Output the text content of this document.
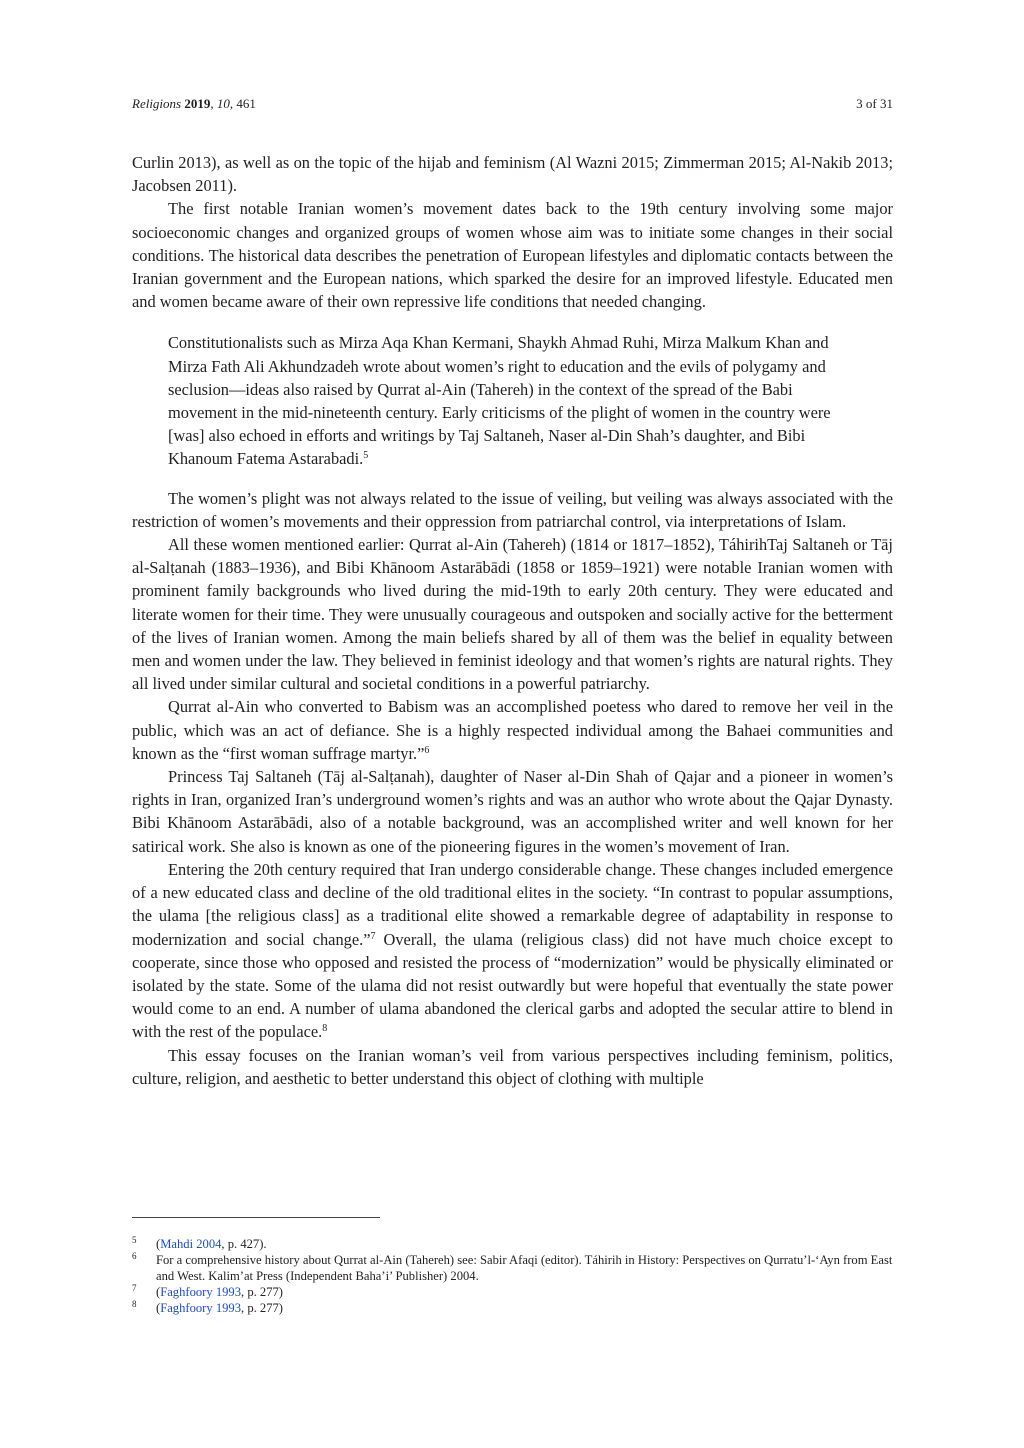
Religions 2019, 10, 461	3 of 31

Curlin 2013), as well as on the topic of the hijab and feminism (Al Wazni 2015; Zimmerman 2015; Al-Nakib 2013; Jacobsen 2011).

The first notable Iranian women’s movement dates back to the 19th century involving some major socioeconomic changes and organized groups of women whose aim was to initiate some changes in their social conditions. The historical data describes the penetration of European lifestyles and diplomatic contacts between the Iranian government and the European nations, which sparked the desire for an improved lifestyle. Educated men and women became aware of their own repressive life conditions that needed changing.

Constitutionalists such as Mirza Aqa Khan Kermani, Shaykh Ahmad Ruhi, Mirza Malkum Khan and Mirza Fath Ali Akhundzadeh wrote about women’s right to education and the evils of polygamy and seclusion—ideas also raised by Qurrat al-Ain (Tahereh) in the context of the spread of the Babi movement in the mid-nineteenth century. Early criticisms of the plight of women in the country were [was] also echoed in efforts and writings by Taj Saltaneh, Naser al-Din Shah’s daughter, and Bibi Khanoum Fatema Astarabadi.$^5$

The women’s plight was not always related to the issue of veiling, but veiling was always associated with the restriction of women’s movements and their oppression from patriarchal control, via interpretations of Islam.

All these women mentioned earlier: Qurrat al-Ain (Tahereh) (1814 or 1817–1852), TáhirihTaj Saltaneh or Tāj al-Salṭanah (1883–1936), and Bibi Khānoom Astarābādi (1858 or 1859–1921) were notable Iranian women with prominent family backgrounds who lived during the mid-19th to early 20th century. They were educated and literate women for their time. They were unusually courageous and outspoken and socially active for the betterment of the lives of Iranian women. Among the main beliefs shared by all of them was the belief in equality between men and women under the law. They believed in feminist ideology and that women’s rights are natural rights. They all lived under similar cultural and societal conditions in a powerful patriarchy.

Qurrat al-Ain who converted to Babism was an accomplished poetess who dared to remove her veil in the public, which was an act of defiance. She is a highly respected individual among the Bahaei communities and known as the “first woman suffrage martyr.”$^6$

Princess Taj Saltaneh (Tāj al-Salṭanah), daughter of Naser al-Din Shah of Qajar and a pioneer in women’s rights in Iran, organized Iran’s underground women’s rights and was an author who wrote about the Qajar Dynasty. Bibi Khānoom Astarābādi, also of a notable background, was an accomplished writer and well known for her satirical work. She also is known as one of the pioneering figures in the women’s movement of Iran.

Entering the 20th century required that Iran undergo considerable change. These changes included emergence of a new educated class and decline of the old traditional elites in the society. “In contrast to popular assumptions, the ulama [the religious class] as a traditional elite showed a remarkable degree of adaptability in response to modernization and social change.”$^7$ Overall, the ulama (religious class) did not have much choice except to cooperate, since those who opposed and resisted the process of “modernization” would be physically eliminated or isolated by the state. Some of the ulama did not resist outwardly but were hopeful that eventually the state power would come to an end. A number of ulama abandoned the clerical garbs and adopted the secular attire to blend in with the rest of the populace.$^8$

This essay focuses on the Iranian woman’s veil from various perspectives including feminism, politics, culture, religion, and aesthetic to better understand this object of clothing with multiple

5 (Mahdi 2004, p. 427).
6 For a comprehensive history about Qurrat al-Ain (Tahereh) see: Sabir Afaqi (editor). Táhirih in History: Perspectives on Qurratu’l-‘Ayn from East and West. Kalim’at Press (Independent Baha’i’ Publisher) 2004.
7 (Faghfoory 1993, p. 277)
8 (Faghfoory 1993, p. 277)
